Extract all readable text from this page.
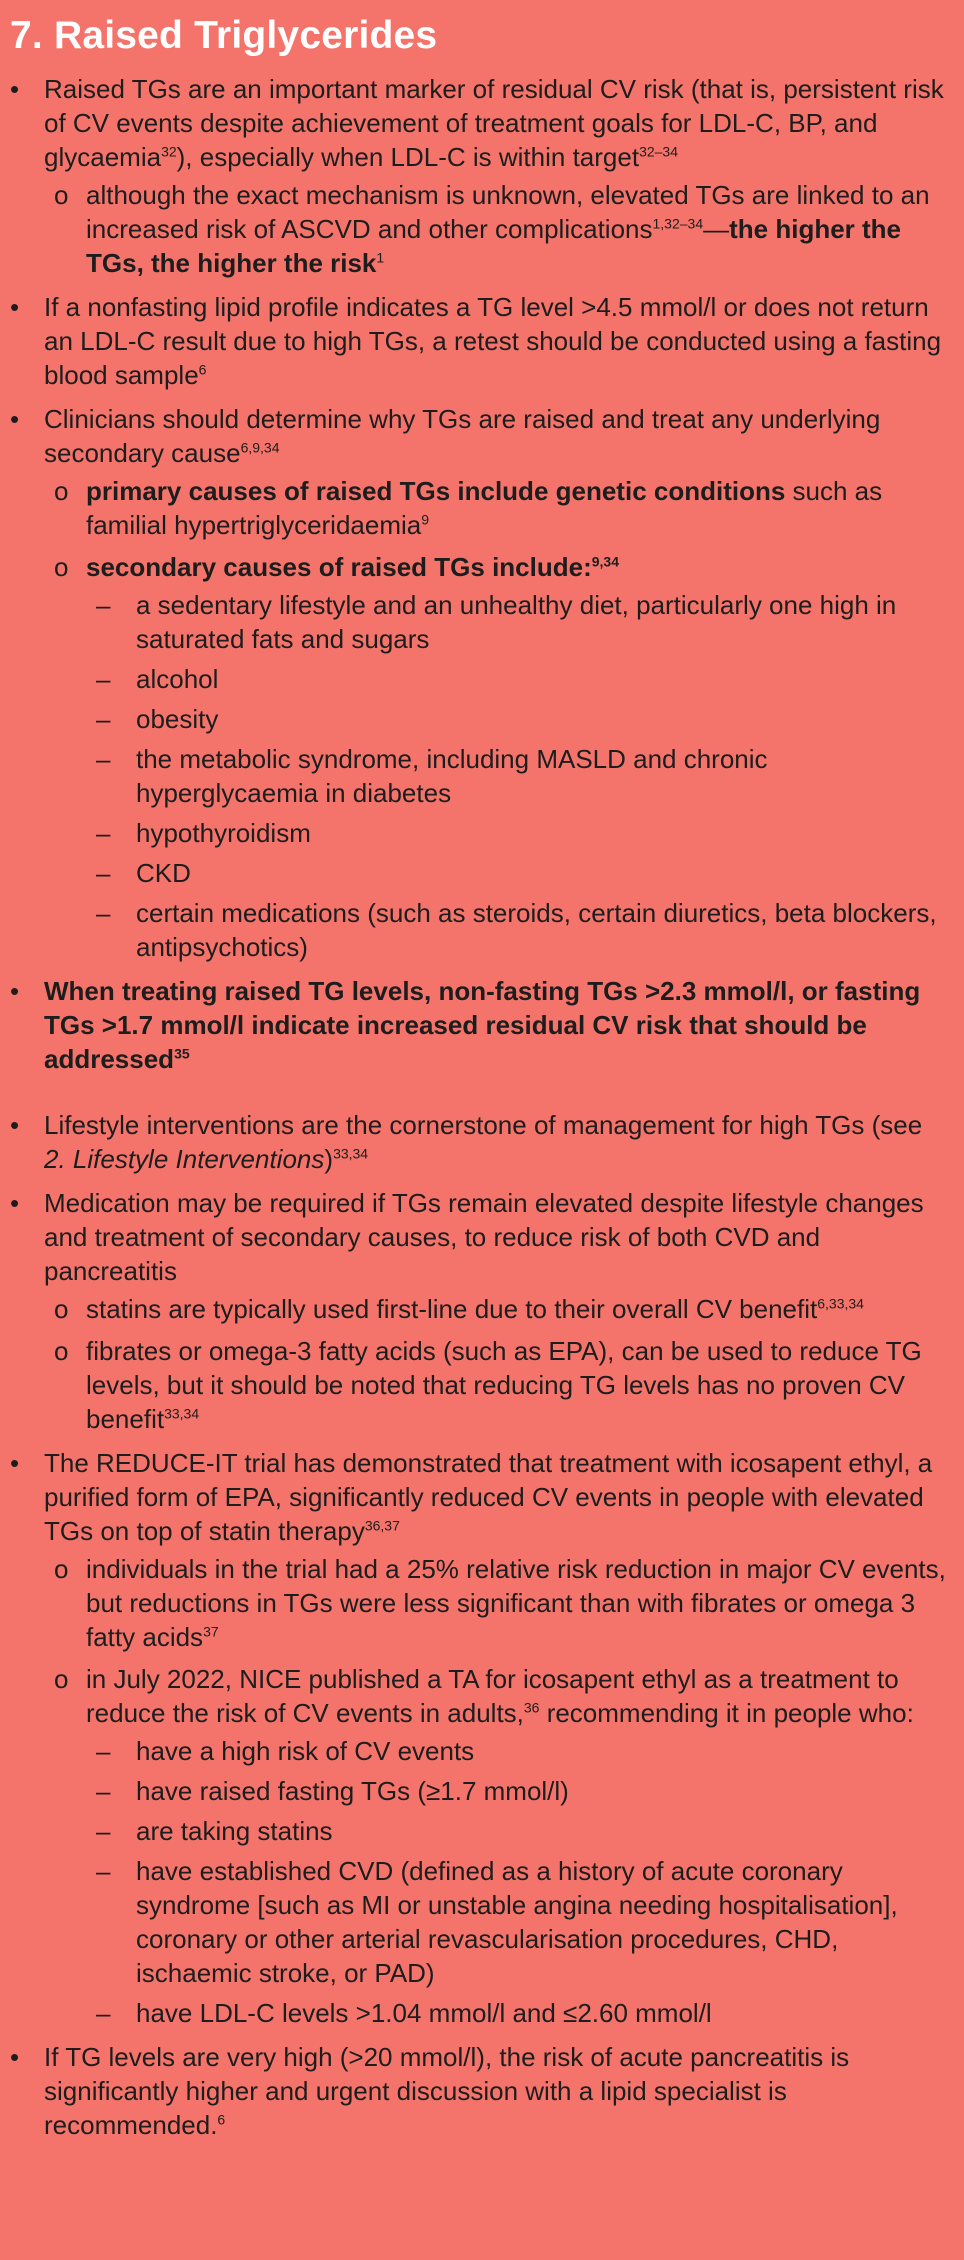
7. Raised Triglycerides
• Raised TGs are an important marker of residual CV risk (that is, persistent risk of CV events despite achievement of treatment goals for LDL-C, BP, and glycaemia$^{32}$), especially when LDL-C is within target$^{32-34}$
o although the exact mechanism is unknown, elevated TGs are linked to an increased risk of ASCVD and other complications$^{1,32-34}$—the higher the TGs, the higher the risk$^1$
• If a nonfasting lipid profile indicates a TG level >4.5 mmol/l or does not return an LDL-C result due to high TGs, a retest should be conducted using a fasting blood sample$^6$
• Clinicians should determine why TGs are raised and treat any underlying secondary cause$^{6,9,34}$
o primary causes of raised TGs include genetic conditions such as familial hypertriglyceridaemia$^9$
o secondary causes of raised TGs include:$^{9,34}$
– a sedentary lifestyle and an unhealthy diet, particularly one high in saturated fats and sugars
– alcohol
– obesity
– the metabolic syndrome, including MASLD and chronic hyperglycaemia in diabetes
– hypothyroidism
– CKD
– certain medications (such as steroids, certain diuretics, beta blockers, antipsychotics)
• When treating raised TG levels, non-fasting TGs >2.3 mmol/l, or fasting TGs >1.7 mmol/l indicate increased residual CV risk that should be addressed$^{35}$
• Lifestyle interventions are the cornerstone of management for high TGs (see 2. Lifestyle Interventions)$^{33,34}$
• Medication may be required if TGs remain elevated despite lifestyle changes and treatment of secondary causes, to reduce risk of both CVD and pancreatitis
o statins are typically used first-line due to their overall CV benefit$^{6,33,34}$
o fibrates or omega-3 fatty acids (such as EPA), can be used to reduce TG levels, but it should be noted that reducing TG levels has no proven CV benefit$^{33,34}$
• The REDUCE-IT trial has demonstrated that treatment with icosapent ethyl, a purified form of EPA, significantly reduced CV events in people with elevated TGs on top of statin therapy$^{36,37}$
o individuals in the trial had a 25% relative risk reduction in major CV events, but reductions in TGs were less significant than with fibrates or omega 3 fatty acids$^{37}$
o in July 2022, NICE published a TA for icosapent ethyl as a treatment to reduce the risk of CV events in adults,$^{36}$ recommending it in people who:
– have a high risk of CV events
– have raised fasting TGs (≥1.7 mmol/l)
– are taking statins
– have established CVD (defined as a history of acute coronary syndrome [such as MI or unstable angina needing hospitalisation], coronary or other arterial revascularisation procedures, CHD, ischaemic stroke, or PAD)
– have LDL-C levels >1.04 mmol/l and ≤2.60 mmol/l
• If TG levels are very high (>20 mmol/l), the risk of acute pancreatitis is significantly higher and urgent discussion with a lipid specialist is recommended.$^6$
